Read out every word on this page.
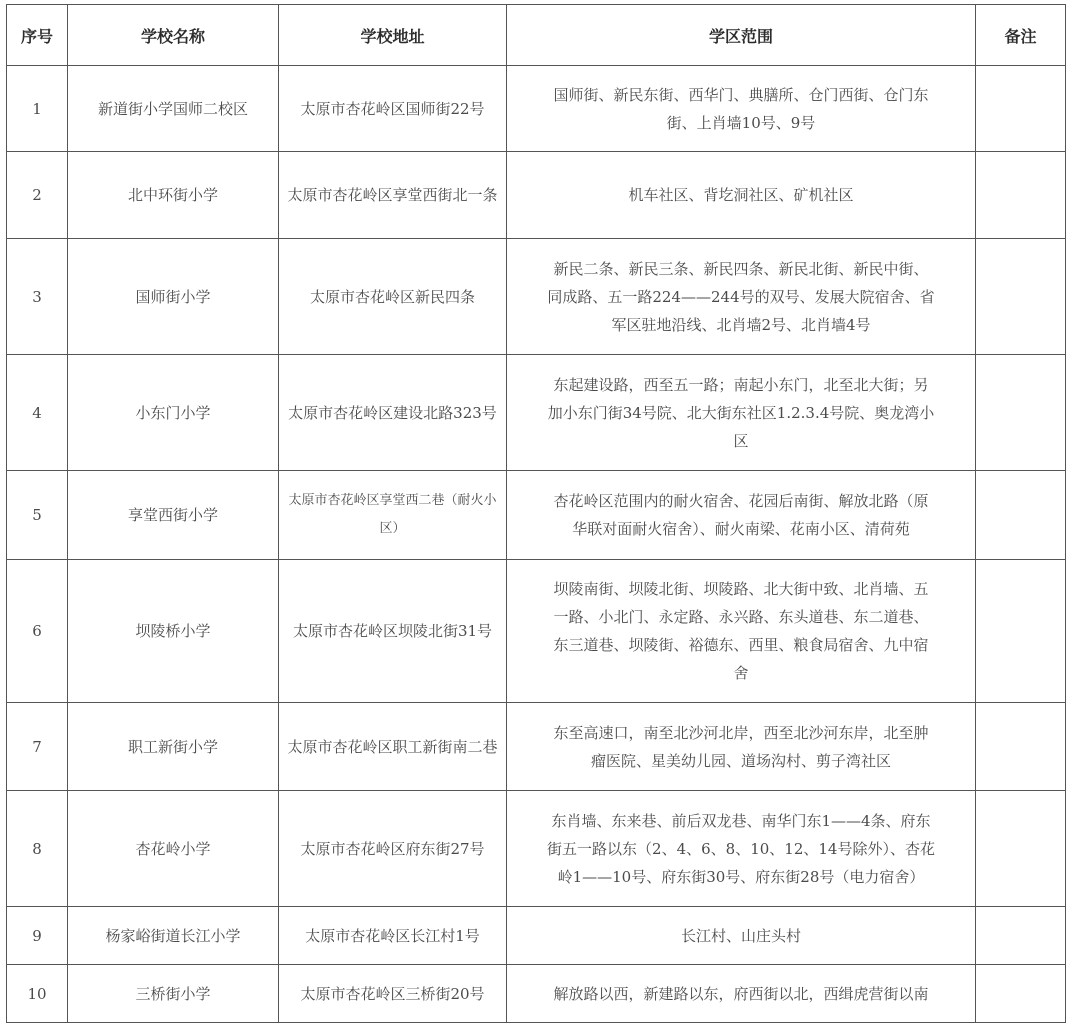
序号	学校名称	学校地址	学区范围	备注
1	新道街小学国师二校区	太原市杏花岭区国师街22号	国师街、新民东街、西华门、典膳所、仓门西街、仓门东
街、上肖墙10号、9号	

2	北中环街小学	太原市杏花岭区享堂西街北一条	机车社区、背圪洞社区、矿机社区	

3	国师街小学	太原市杏花岭区新民四条	新民二条、新民三条、新民四条、新民北街、新民中街、
同成路、五一路224——244号的双号、发展大院宿舍、省
军区驻地沿线、北肖墙2号、北肖墙4号	

4	小东门小学	太原市杏花岭区建设北路323号	东起建设路，西至五一路；南起小东门，北至北大街；另
加小东门街34号院、北大街东社区1.2.3.4号院、奥龙湾小
区	

5	享堂西街小学	太原市杏花岭区享堂西二巷（耐火小区）	杏花岭区范围内的耐火宿舍、花园后南街、解放北路（原
华联对面耐火宿舍）、耐火南梁、花南小区、清荷苑	

6	坝陵桥小学	太原市杏花岭区坝陵北街31号	坝陵南街、坝陵北街、坝陵路、北大街中致、北肖墙、五
一路、小北门、永定路、永兴路、东头道巷、东二道巷、
东三道巷、坝陵街、裕德东、西里、粮食局宿舍、九中宿
舍	

7	职工新街小学	太原市杏花岭区职工新街南二巷	东至高速口，南至北沙河北岸，西至北沙河东岸，北至肿
瘤医院、星美幼儿园、道场沟村、剪子湾社区	

8	杏花岭小学	太原市杏花岭区府东街27号	东肖墙、东来巷、前后双龙巷、南华门东1——4条、府东
街五一路以东（2、4、6、8、10、12、14号除外）、杏花
岭1——10号、府东街30号、府东街28号（电力宿舍）	

9	杨家峪街道长江小学	太原市杏花岭区长江村1号	长江村、山庄头村	

10	三桥街小学	太原市杏花岭区三桥街20号	解放路以西，新建路以东，府西街以北，西缉虎营街以南	
